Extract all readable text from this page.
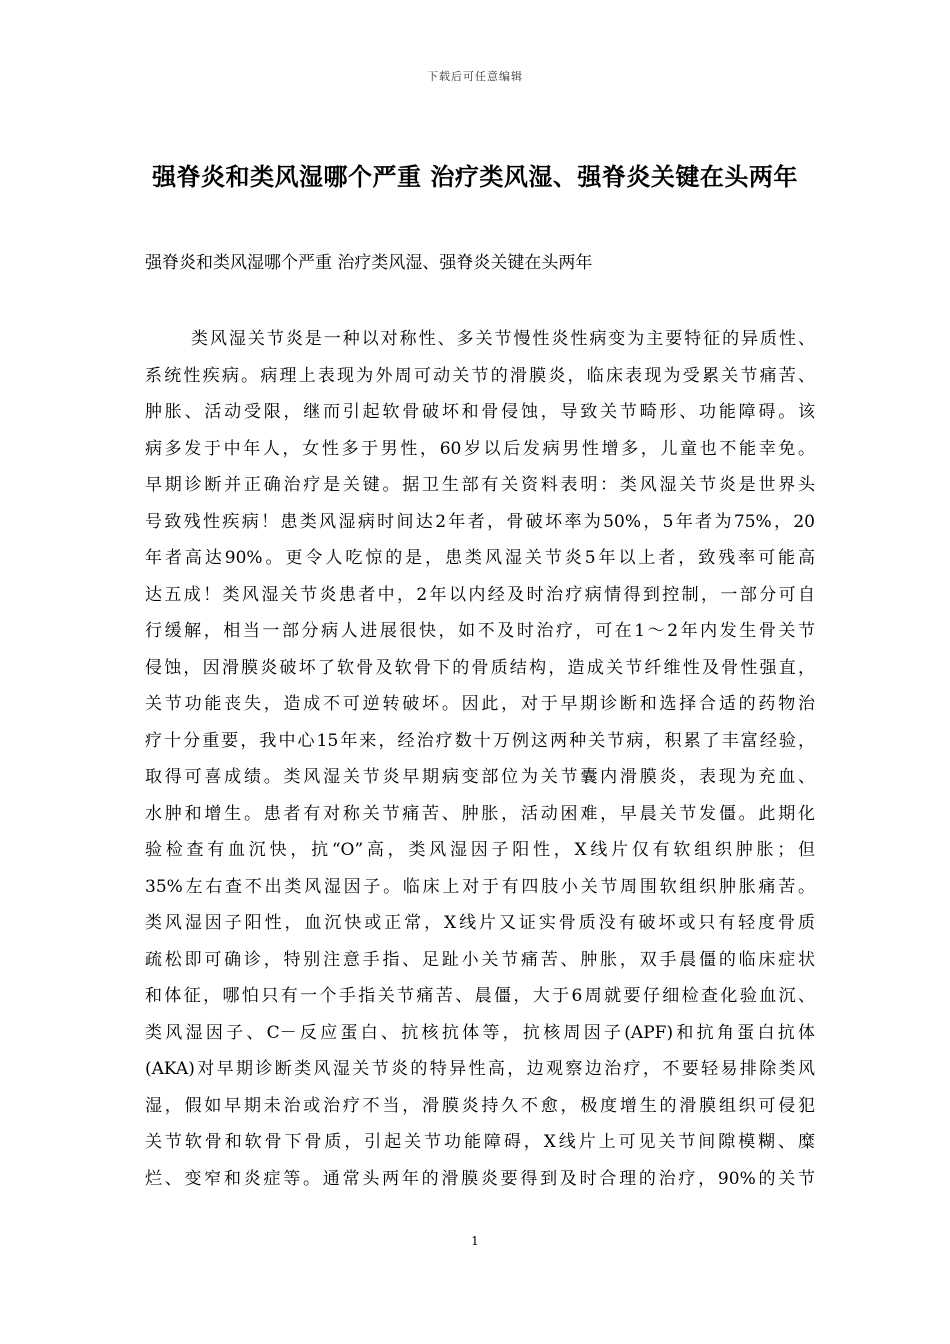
下载后可任意编辑
强脊炎和类风湿哪个严重 治疗类风湿、强脊炎关键在头两年
强脊炎和类风湿哪个严重 治疗类风湿、强脊炎关键在头两年
类风湿关节炎是一种以对称性、多关节慢性炎性病变为主要特征的异质性、
系统性疾病。病理上表现为外周可动关节的滑膜炎，临床表现为受累关节痛苦、
肿胀、活动受限，继而引起软骨破坏和骨侵蚀，导致关节畸形、功能障碍。该
病多发于中年人，女性多于男性，60岁以后发病男性增多，儿童也不能幸免。
早期诊断并正确治疗是关键。据卫生部有关资料表明：类风湿关节炎是世界头
号致残性疾病！患类风湿病时间达2年者，骨破坏率为50%，5年者为75%，20
年者高达90%。更令人吃惊的是，患类风湿关节炎5年以上者，致残率可能高
达五成！类风湿关节炎患者中，2年以内经及时治疗病情得到控制，一部分可自
行缓解，相当一部分病人进展很快，如不及时治疗，可在1～2年内发生骨关节
侵蚀，因滑膜炎破坏了软骨及软骨下的骨质结构，造成关节纤维性及骨性强直，
关节功能丧失，造成不可逆转破坏。因此，对于早期诊断和选择合适的药物治
疗十分重要，我中心15年来，经治疗数十万例这两种关节病，积累了丰富经验，
取得可喜成绩。类风湿关节炎早期病变部位为关节囊内滑膜炎，表现为充血、
水肿和增生。患者有对称关节痛苦、肿胀，活动困难，早晨关节发僵。此期化
验检查有血沉快，抗“O”高，类风湿因子阳性，X线片仅有软组织肿胀；但
35%左右查不出类风湿因子。临床上对于有四肢小关节周围软组织肿胀痛苦。
类风湿因子阳性，血沉快或正常，X线片又证实骨质没有破坏或只有轻度骨质
疏松即可确诊，特别注意手指、足趾小关节痛苦、肿胀，双手晨僵的临床症状
和体征，哪怕只有一个手指关节痛苦、晨僵，大于6周就要仔细检查化验血沉、
类风湿因子、C－反应蛋白、抗核抗体等，抗核周因子(APF)和抗角蛋白抗体
(AKA)对早期诊断类风湿关节炎的特异性高，边观察边治疗，不要轻易排除类风
湿，假如早期未治或治疗不当，滑膜炎持久不愈，极度增生的滑膜组织可侵犯
关节软骨和软骨下骨质，引起关节功能障碍，X线片上可见关节间隙模糊、糜
烂、变窄和炎症等。通常头两年的滑膜炎要得到及时合理的治疗，90%的关节
1
